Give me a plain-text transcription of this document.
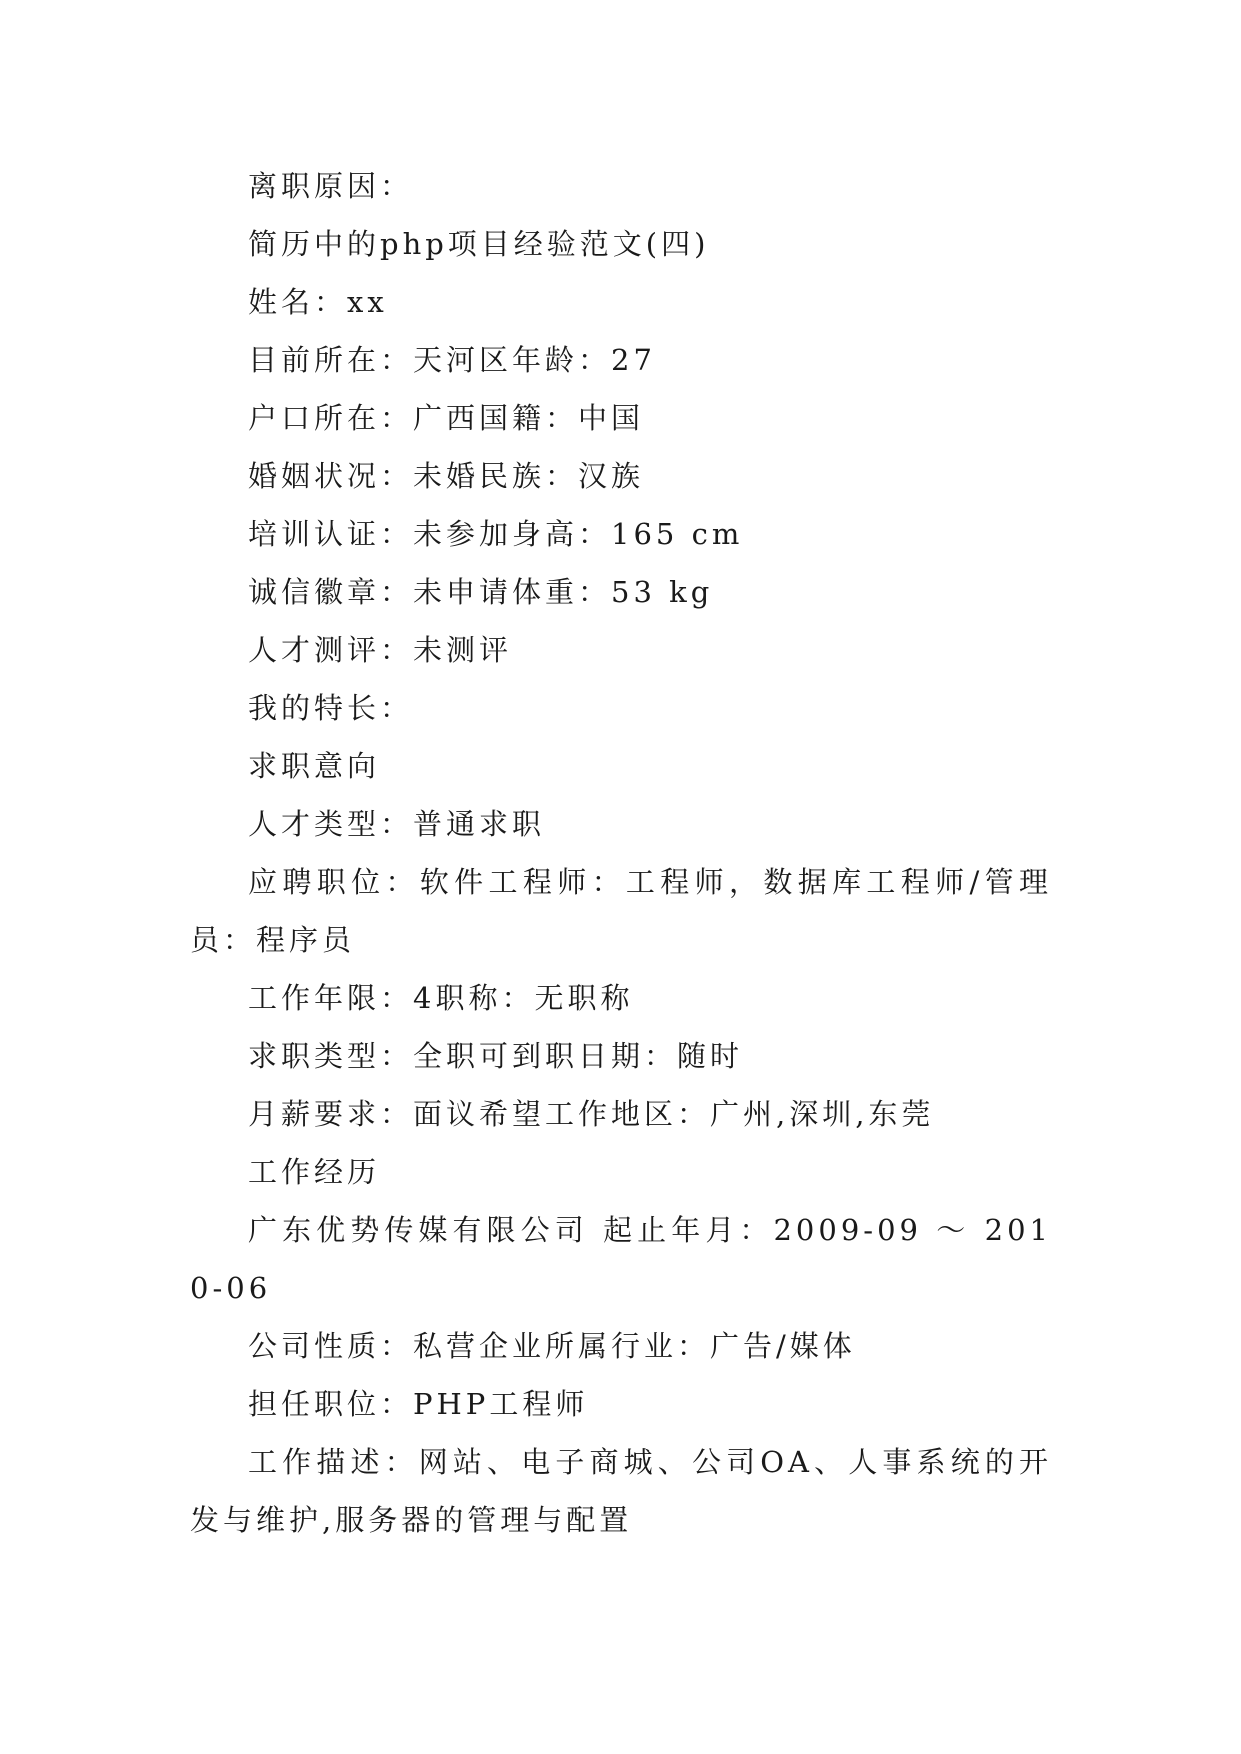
离职原因：

简历中的php项目经验范文(四)

姓名：xx

目前所在：天河区年龄：27

户口所在：广西国籍：中国

婚姻状况：未婚民族：汉族

培训认证：未参加身高：165 cm

诚信徽章：未申请体重：53 kg

人才测评：未测评

我的特长：

求职意向

人才类型：普通求职

应聘职位：软件工程师：工程师，数据库工程师/管理员：程序员

工作年限：4职称：无职称

求职类型：全职可到职日期：随时

月薪要求：面议希望工作地区：广州,深圳,东莞

工作经历

广东优势传媒有限公司 起止年月：2009-09 ～ 2010-06

公司性质：私营企业所属行业：广告/媒体

担任职位：PHP工程师

工作描述：网站、电子商城、公司OA、人事系统的开发与维护,服务器的管理与配置
